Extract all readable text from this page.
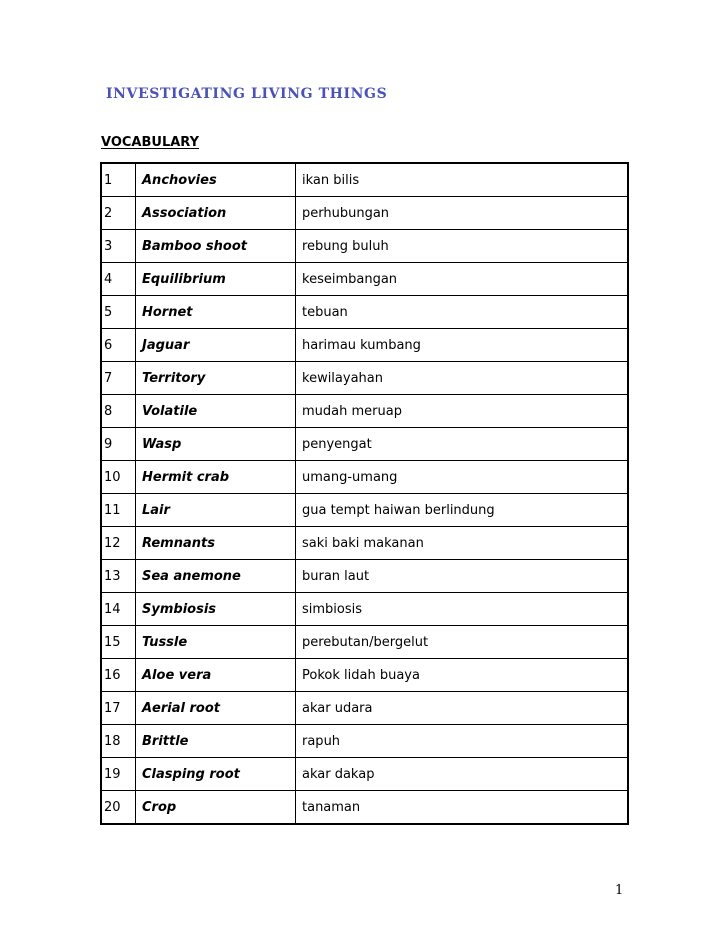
INVESTIGATING LIVING THINGS
VOCABULARY
1	Anchovies	ikan bilis
2	Association	perhubungan
3	Bamboo shoot	rebung buluh
4	Equilibrium	keseimbangan
5	Hornet	tebuan
6	Jaguar	harimau kumbang
7	Territory	kewilayahan
8	Volatile	mudah meruap
9	Wasp	penyengat
10	Hermit crab	umang-umang
11	Lair	gua tempt haiwan berlindung
12	Remnants	saki baki makanan
13	Sea anemone	buran laut
14	Symbiosis	simbiosis
15	Tussle	perebutan/bergelut
16	Aloe vera	Pokok lidah buaya
17	Aerial root	akar udara
18	Brittle	rapuh
19	Clasping root	akar dakap
20	Crop	tanaman
1
